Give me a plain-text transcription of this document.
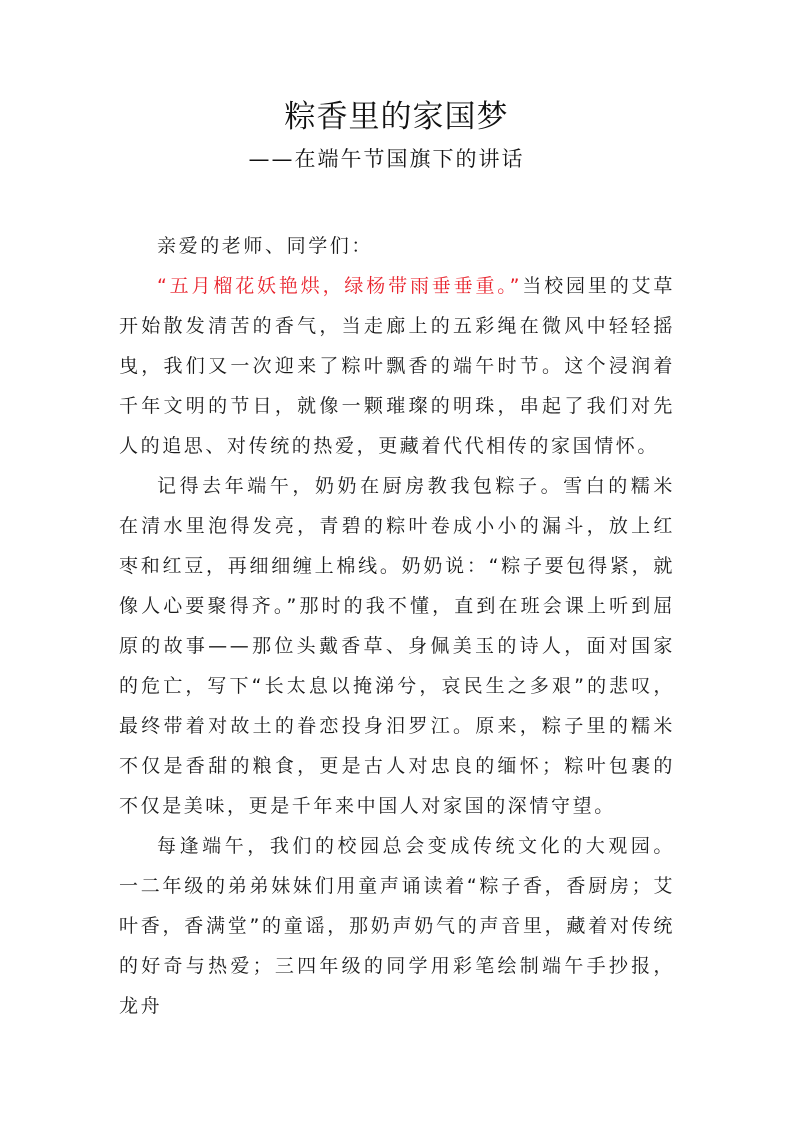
粽香里的家国梦
——在端午节国旗下的讲话

亲爱的老师、同学们：

“五月榴花妖艳烘，绿杨带雨垂垂重。”当校园里的艾草开始散发清苦的香气，当走廊上的五彩绳在微风中轻轻摇曳，我们又一次迎来了粽叶飘香的端午时节。这个浸润着千年文明的节日，就像一颗璀璨的明珠，串起了我们对先人的追思、对传统的热爱，更藏着代代相传的家国情怀。

记得去年端午，奶奶在厨房教我包粽子。雪白的糯米在清水里泡得发亮，青碧的粽叶卷成小小的漏斗，放上红枣和红豆，再细细缠上棉线。奶奶说：“粽子要包得紧，就像人心要聚得齐。”那时的我不懂，直到在班会课上听到屈原的故事——那位头戴香草、身佩美玉的诗人，面对国家的危亡，写下“长太息以掩涕兮，哀民生之多艰”的悲叹，最终带着对故土的眷恋投身汨罗江。原来，粽子里的糯米不仅是香甜的粮食，更是古人对忠良的缅怀；粽叶包裹的不仅是美味，更是千年来中国人对家国的深情守望。

每逢端午，我们的校园总会变成传统文化的大观园。一二年级的弟弟妹妹们用童声诵读着“粽子香，香厨房；艾叶香，香满堂”的童谣，那奶声奶气的声音里，藏着对传统的好奇与热爱；三四年级的同学用彩笔绘制端午手抄报，龙舟
